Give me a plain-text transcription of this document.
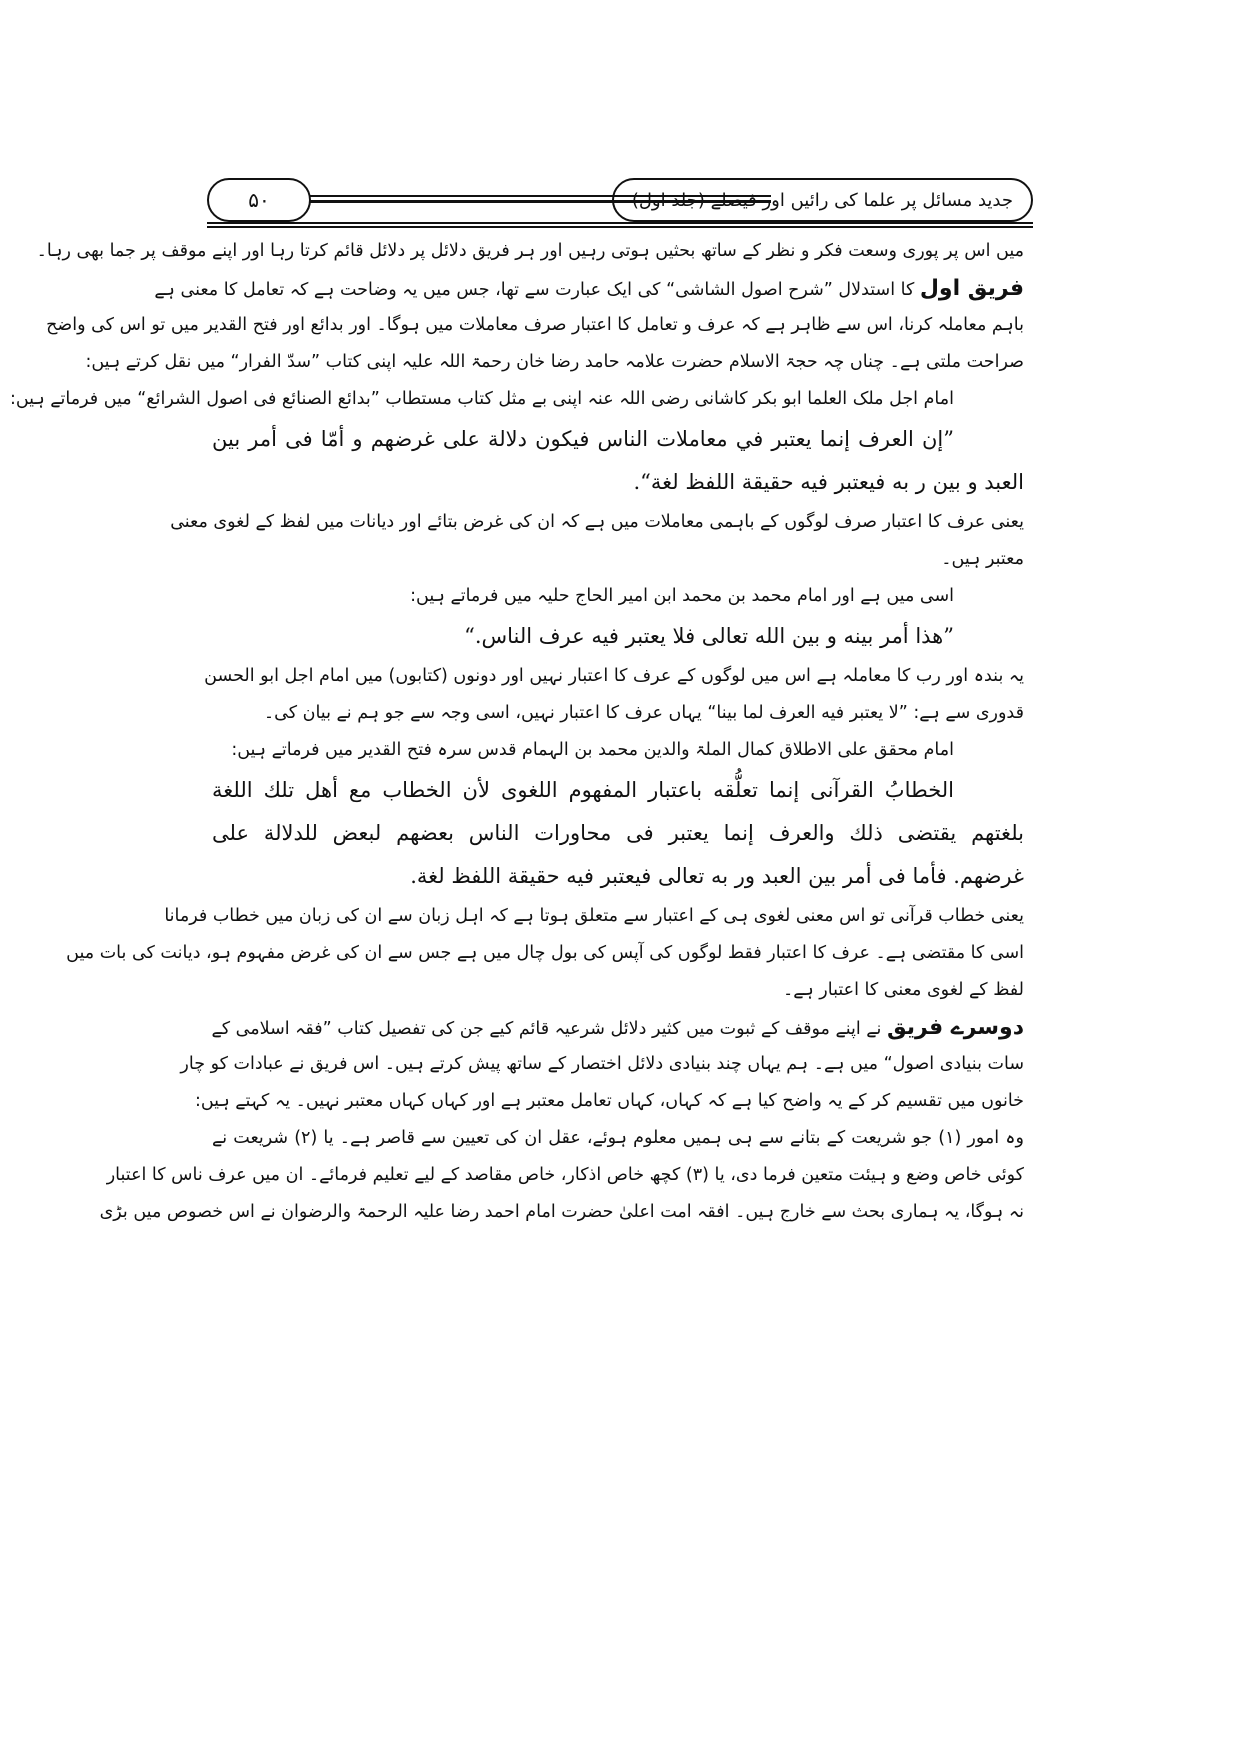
۵۰	جدید مسائل پر علما کی رائیں اور فیصلے (جلد اول)
میں اس پر پوری وسعت فکر و نظر کے ساتھ بحثیں ہوتی رہیں اور ہر فریق دلائل پر دلائل قائم کرتا رہا اور اپنے موقف پر جما بھی رہا۔
فریق اول کا استدلال ”شرح اصول الشاشی“ کی ایک عبارت سے تھا، جس میں یہ وضاحت ہے کہ تعامل کا معنی ہے
باہم معاملہ کرنا، اس سے ظاہر ہے کہ عرف و تعامل کا اعتبار صرف معاملات میں ہوگا۔ اور بدائع اور فتح القدیر میں تو اس کی واضح
صراحت ملتی ہے۔ چناں چہ حجۃ الاسلام حضرت علامہ حامد رضا خان رحمۃ اللہ علیہ اپنی کتاب ”سدّ الفرار“ میں نقل کرتے ہیں:
امام اجل ملک العلما ابو بکر کاشانی رضی اللہ عنہ اپنی بے مثل کتاب مستطاب ”بدائع الصنائع فی اصول الشرائع“ میں فرماتے ہیں:
”إن العرف إنما يعتبر في معاملات الناس فيكون دلالة على غرضهم و أمّا فى أمر بين
العبد و بين ر به فيعتبر فيه حقيقة اللفظ لغة“.
یعنی عرف کا اعتبار صرف لوگوں کے باہمی معاملات میں ہے کہ ان کی غرض بتائے اور دیانات میں لفظ کے لغوی معنی
معتبر ہیں۔
اسی میں ہے اور امام محمد بن محمد ابن امیر الحاج حلیہ میں فرماتے ہیں:
”هذا أمر بينه و بين الله تعالى فلا يعتبر فيه عرف الناس.“
یہ بندہ اور رب کا معاملہ ہے اس میں لوگوں کے عرف کا اعتبار نہیں اور دونوں (کتابوں) میں امام اجل ابو الحسن
قدوری سے ہے: ”لا يعتبر فيه العرف لما بينا“ یہاں عرف کا اعتبار نہیں، اسی وجہ سے جو ہم نے بیان کی۔
امام محقق علی الاطلاق کمال الملۃ والدین محمد بن الہمام قدس سرہ فتح القدیر میں فرماتے ہیں:
الخطابُ القرآنى إنما تعلُّقه باعتبار المفهوم اللغوى لأن الخطاب مع أهل تلك اللغة
بلغتهم يقتضى ذلك والعرف إنما يعتبر فى محاورات الناس بعضهم لبعض للدلالة على
غرضهم. فأما فى أمر بين العبد ور به تعالى فيعتبر فيه حقيقة اللفظ لغة.
یعنی خطاب قرآنی تو اس معنی لغوی ہی کے اعتبار سے متعلق ہوتا ہے کہ اہل زبان سے ان کی زبان میں خطاب فرمانا
اسی کا مقتضی ہے۔ عرف کا اعتبار فقط لوگوں کی آپس کی بول چال میں ہے جس سے ان کی غرض مفہوم ہو، دیانت کی بات میں
لفظ کے لغوی معنی کا اعتبار ہے۔
دوسرے فریق نے اپنے موقف کے ثبوت میں کثیر دلائل شرعیہ قائم کیے جن کی تفصیل کتاب ”فقہ اسلامی کے
سات بنیادی اصول“ میں ہے۔ ہم یہاں چند بنیادی دلائل اختصار کے ساتھ پیش کرتے ہیں۔ اس فریق نے عبادات کو چار
خانوں میں تقسیم کر کے یہ واضح کیا ہے کہ کہاں، کہاں تعامل معتبر ہے اور کہاں کہاں معتبر نہیں۔ یہ کہتے ہیں:
وہ امور (۱) جو شریعت کے بتانے سے ہی ہمیں معلوم ہوئے، عقل ان کی تعیین سے قاصر ہے۔ یا (۲) شریعت نے
کوئی خاص وضع و ہیئت متعین فرما دی، یا (۳) کچھ خاص اذکار، خاص مقاصد کے لیے تعلیم فرمائے۔ ان میں عرف ناس کا اعتبار
نہ ہوگا، یہ ہماری بحث سے خارج ہیں۔ افقہ امت اعلیٰ حضرت امام احمد رضا علیہ الرحمۃ والرضوان نے اس خصوص میں بڑی
